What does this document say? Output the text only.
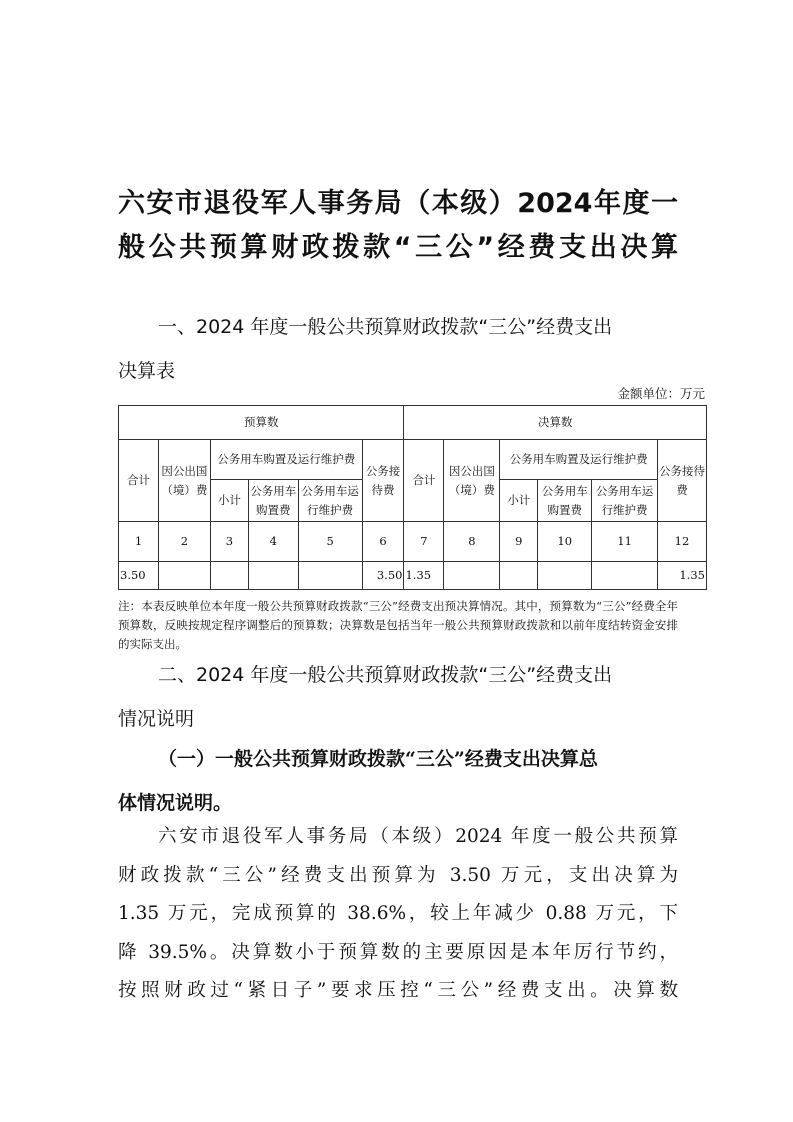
六安市退役军人事务局（本级）2024年度一
般公共预算财政拨款“三公”经费支出决算
一、2024 年度一般公共预算财政拨款“三公”经费支出
决算表
金额单位：万元
预算数						决算数					
合计	因公出国（境）费	公务用车购置及运行维护费			公务接待费	合计	因公出国（境）费	公务用车购置及运行维护费			公务接待费
		小计	公务用车购置费	公务用车运行维护费				小计	公务用车购置费	公务用车运行维护费	
1	2	3	4	5	6	7	8	9	10	11	12
3.50					3.50	1.35					1.35
注：本表反映单位本年度一般公共预算财政拨款“三公”经费支出预决算情况。其中，预算数为“三公”经费全年预算数，反映按规定程序调整后的预算数；决算数是包括当年一般公共预算财政拨款和以前年度结转资金安排的实际支出。
二、2024 年度一般公共预算财政拨款“三公”经费支出
情况说明
（一）一般公共预算财政拨款“三公”经费支出决算总
体情况说明。
六安市退役军人事务局（本级）2024 年度一般公共预算
财政拨款“三公”经费支出预算为 3.50 万元，支出决算为
1.35 万元，完成预算的 38.6%，较上年减少 0.88 万元，下
降 39.5%。决算数小于预算数的主要原因是本年厉行节约，
按照财政过“紧日子”要求压控“三公”经费支出。决算数
